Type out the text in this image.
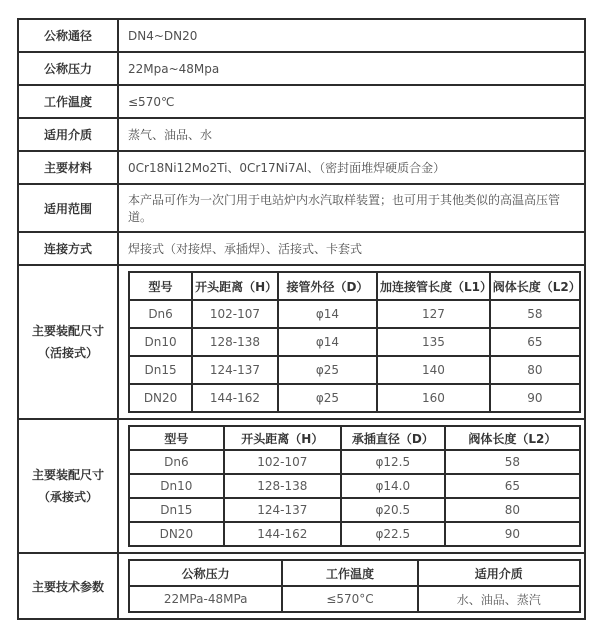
公称通径	DN4~DN20
公称压力	22Mpa~48Mpa
工作温度	≤570℃
适用介质	蒸气、油品、水
主要材料	0Cr18Ni12Mo2Ti、0Cr17Ni7Al、（密封面堆焊硬质合金）
适用范围	本产品可作为一次门用于电站炉内水汽取样装置；也可用于其他类似的高温高压管道。
连接方式	焊接式（对接焊、承插焊）、活接式、卡套式

主要装配尺寸
（活接式）

型号	开头距离（H）	接管外径（D）	加连接管长度（L1）	阀体长度（L2）
Dn6	102-107	φ14	127	58
Dn10	128-138	φ14	135	65
Dn15	124-137	φ25	140	80
DN20	144-162	φ25	160	90

主要装配尺寸
（承接式）

型号	开头距离（H）	承插直径（D）	阀体长度（L2）
Dn6	102-107	φ12.5	58
Dn10	128-138	φ14.0	65
Dn15	124-137	φ20.5	80
DN20	144-162	φ22.5	90

主要技术参数	
公称压力	工作温度	适用介质
22MPa-48MPa	≤570°C	水、油品、蒸汽
